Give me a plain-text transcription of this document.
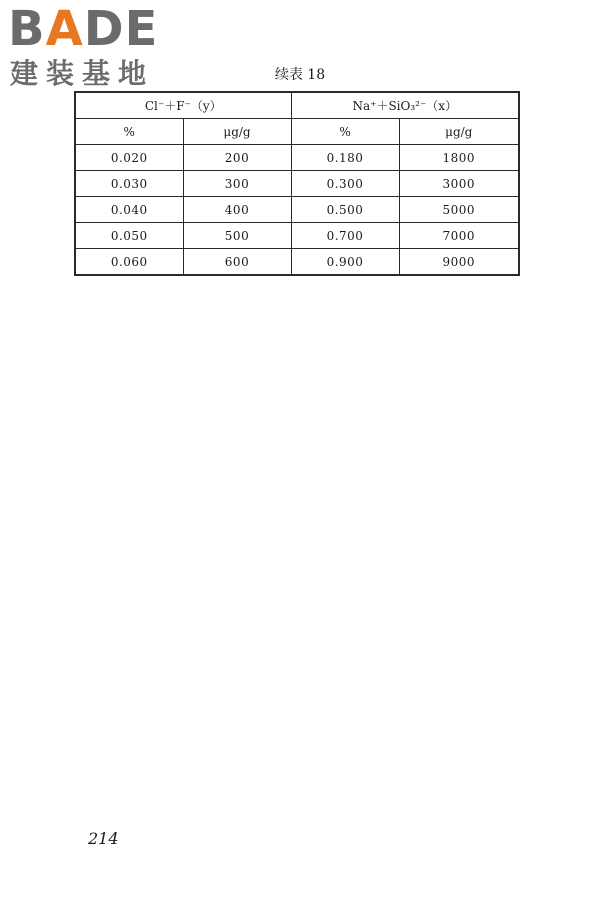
BADE
建装基地	续表 18
Cl⁻＋F⁻（y）		Na⁺＋SiO₃²⁻（x）	
%	μg/g	%	μg/g
0.020	200	0.180	1800
0.030	300	0.300	3000
0.040	400	0.500	5000
0.050	500	0.700	7000
0.060	600	0.900	9000
214
